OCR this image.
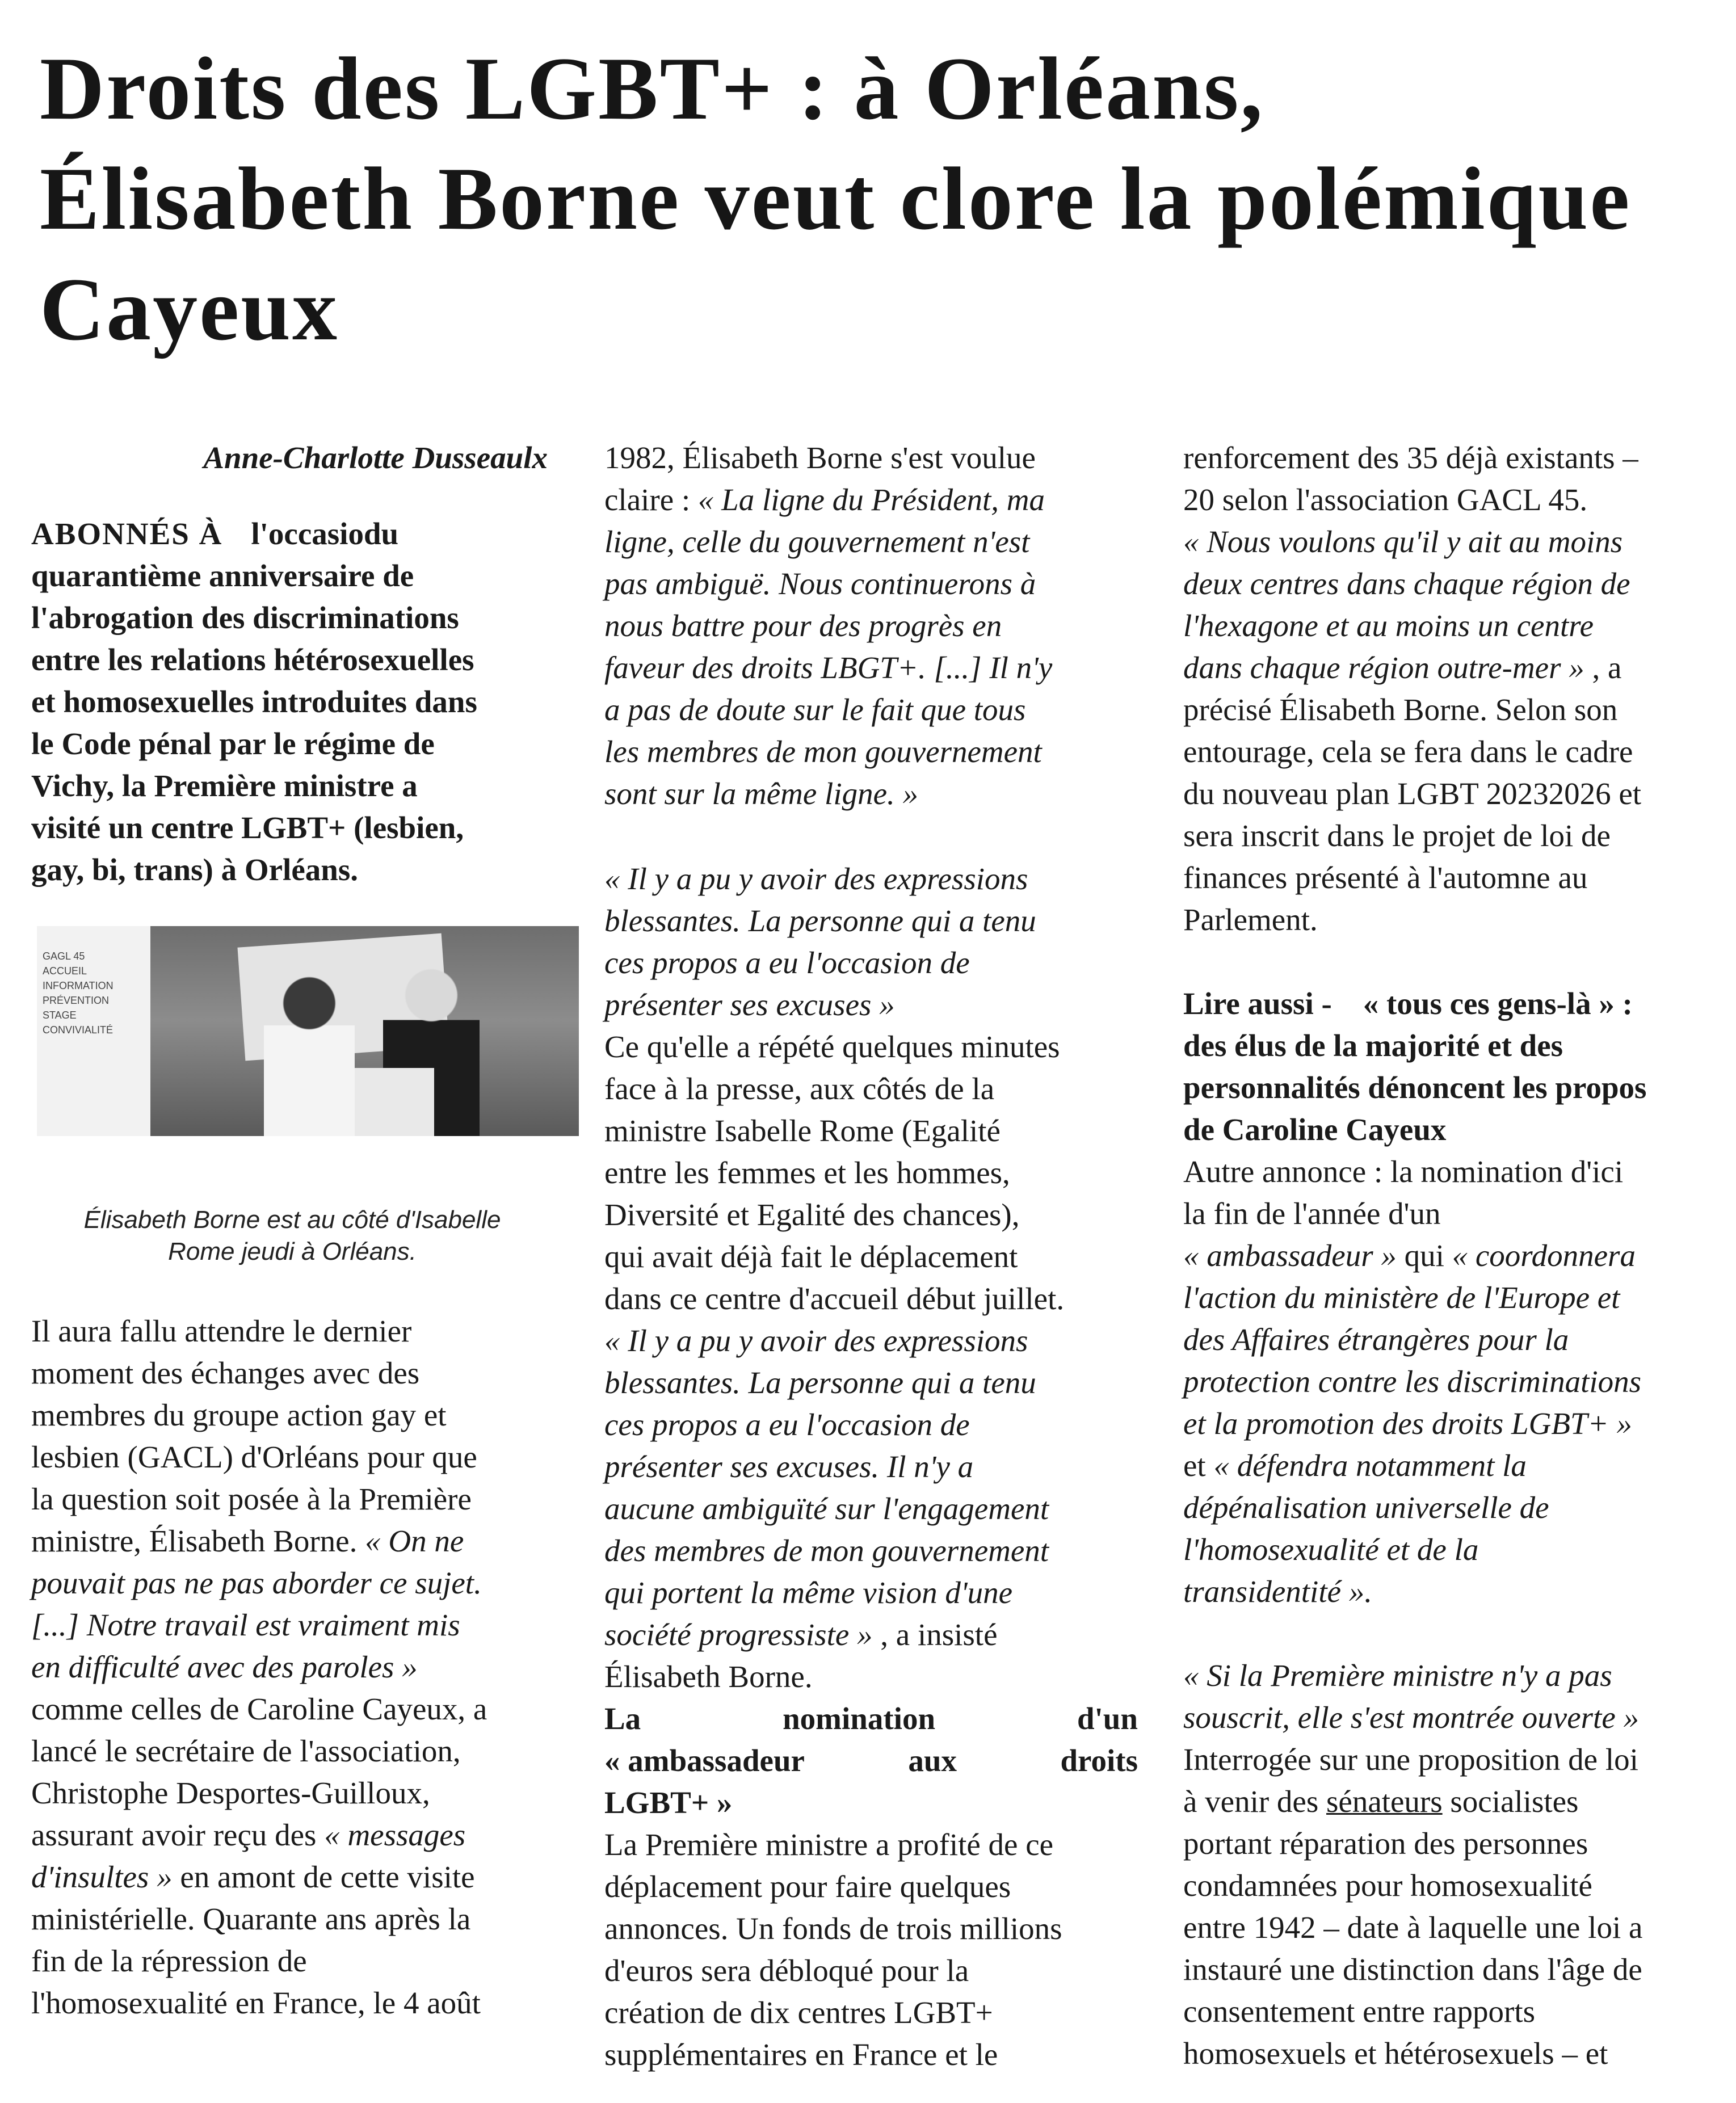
Droits des LGBT+ : à Orléans,
Élisabeth Borne veut clore la polémique
Cayeux

Anne-Charlotte Dusseaulx

ABONNÉS À l'occasiodu
quarantième anniversaire de
l'abrogation des discriminations
entre les relations hétérosexuelles
et homosexuelles introduites dans
le Code pénal par le régime de
Vichy, la Première ministre a
visité un centre LGBT+ (lesbien,
gay, bi, trans) à Orléans.

GAGL 45
ACCUEIL
INFORMATION
PRÉVENTION
STAGE
CONVIVIALITÉ

Élisabeth Borne est au côté d'Isabelle
Rome jeudi à Orléans.

Il aura fallu attendre le dernier
moment des échanges avec des
membres du groupe action gay et
lesbien (GACL) d'Orléans pour que
la question soit posée à la Première
ministre, Élisabeth Borne. « On ne
pouvait pas ne pas aborder ce sujet.
[...] Notre travail est vraiment mis
en difficulté avec des paroles »
comme celles de Caroline Cayeux, a
lancé le secrétaire de l'association,
Christophe Desportes-Guilloux,
assurant avoir reçu des « messages
d'insultes » en amont de cette visite
ministérielle. Quarante ans après la
fin de la répression de
l'homosexualité en France, le 4 août

1982, Élisabeth Borne s'est voulue
claire : « La ligne du Président, ma
ligne, celle du gouvernement n'est
pas ambiguë. Nous continuerons à
nous battre pour des progrès en
faveur des droits LBGT+. [...] Il n'y
a pas de doute sur le fait que tous
les membres de mon gouvernement
sont sur la même ligne. »

« Il y a pu y avoir des expressions
blessantes. La personne qui a tenu
ces propos a eu l'occasion de
présenter ses excuses »

Ce qu'elle a répété quelques minutes
face à la presse, aux côtés de la
ministre Isabelle Rome (Egalité
entre les femmes et les hommes,
Diversité et Egalité des chances),
qui avait déjà fait le déplacement
dans ce centre d'accueil début juillet.

« Il y a pu y avoir des expressions
blessantes. La personne qui a tenu
ces propos a eu l'occasion de
présenter ses excuses. Il n'y a
aucune ambiguïté sur l'engagement
des membres de mon gouvernement
qui portent la même vision d'une
société progressiste » , a insisté
Élisabeth Borne.

La	nomination	d'un
« ambassadeur	aux	droits
LGBT+ »

La Première ministre a profité de ce
déplacement pour faire quelques
annonces. Un fonds de trois millions
d'euros sera débloqué pour la
création de dix centres LGBT+
supplémentaires en France et le

renforcement des 35 déjà existants –
20 selon l'association GACL 45.
« Nous voulons qu'il y ait au moins
deux centres dans chaque région de
l'hexagone et au moins un centre
dans chaque région outre-mer » , a
précisé Élisabeth Borne. Selon son
entourage, cela se fera dans le cadre
du nouveau plan LGBT 20232026 et
sera inscrit dans le projet de loi de
finances présenté à l'automne au
Parlement.

Lire aussi -    « tous ces gens-là » :
des élus de la majorité et des
personnalités dénoncent les propos
de Caroline Cayeux

Autre annonce : la nomination d'ici
la fin de l'année d'un
« ambassadeur » qui « coordonnera
l'action du ministère de l'Europe et
des Affaires étrangères pour la
protection contre les discriminations
et la promotion des droits LGBT+ »
et « défendra notamment la
dépénalisation universelle de
l'homosexualité et de la
transidentité ».

« Si la Première ministre n'y a pas
souscrit, elle s'est montrée ouverte »
Interrogée sur une proposition de loi
à venir des sénateurs socialistes
portant réparation des personnes
condamnées pour homosexualité
entre 1942 – date à laquelle une loi a
instauré une distinction dans l'âge de
consentement entre rapports
homosexuels et hétérosexuels – et
